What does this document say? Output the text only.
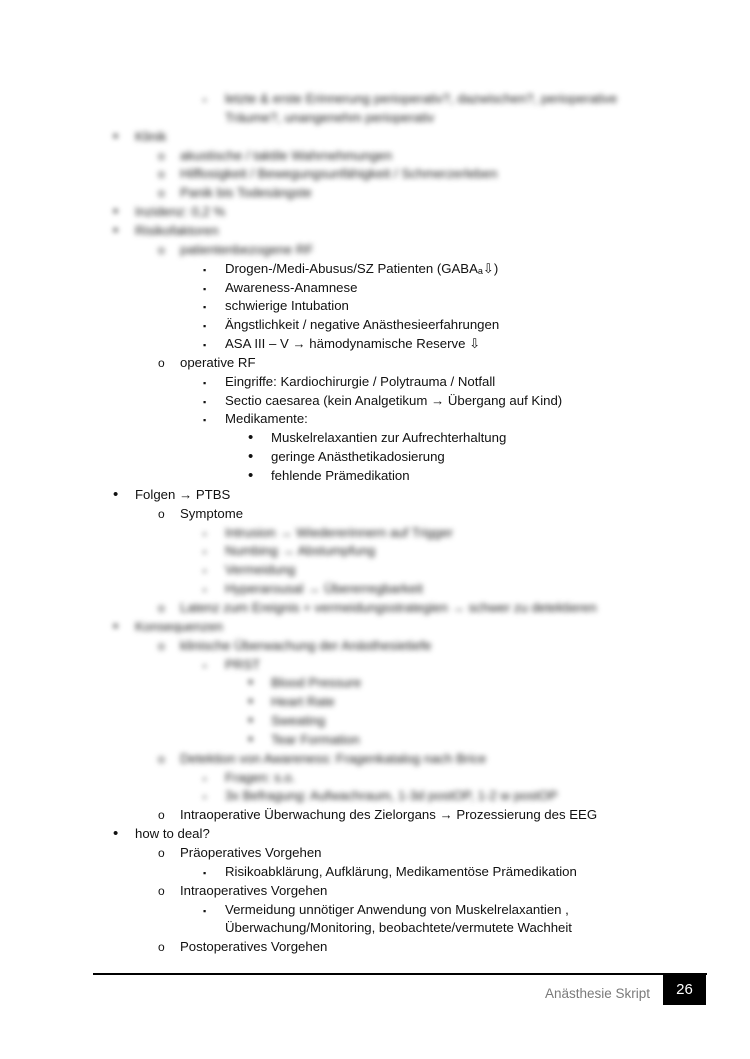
▪ letzte & erste Erinnerung perioperativ?, dazwischen?, perioperative
Träume?, unangenehm perioperativ
• Klinik
o akustische / taktile Wahrnehmungen
o Hilflosigkeit / Bewegungsunfähigkeit / Schmerzerleben
o Panik bis Todesängste
• Inzidenz: 0,2 %
• Risikofaktoren
o patientenbezogene RF
▪ Drogen-/Medi-Abusus/SZ Patienten (GABAₐ⇩)
▪ Awareness-Anamnese
▪ schwierige Intubation
▪ Ängstlichkeit / negative Anästhesieerfahrungen
▪ ASA III – V → hämodynamische Reserve ⇩
o operative RF
▪ Eingriffe: Kardiochirurgie / Polytrauma / Notfall
▪ Sectio caesarea (kein Analgetikum → Übergang auf Kind)
▪ Medikamente:
• Muskelrelaxantien zur Aufrechterhaltung
• geringe Anästhetikadosierung
• fehlende Prämedikation
• Folgen → PTBS
o Symptome
▪ Intrusion → Wiedererinnern auf Trigger
▪ Numbing → Abstumpfung
▪ Vermeidung
▪ Hyperarousal → Übererregbarkeit
o Latenz zum Ereignis + vermeidungsstrategien → schwer zu detektieren
• Konsequenzen
o klinische Überwachung der Anästhesietiefe
▪ PRST
• Blood Pressure
• Heart Rate
• Sweating
• Tear Formation
o Detektion von Awareness: Fragenkatalog nach Brice
▪ Fragen: s.o.
▪ 3x Befragung: Aufwachraum, 1-3d postOP, 1-2 w postOP
o Intraoperative Überwachung des Zielorgans → Prozessierung des EEG
• how to deal?
o Präoperatives Vorgehen
▪ Risikoabklärung, Aufklärung, Medikamentöse Prämedikation
o Intraoperatives Vorgehen
▪ Vermeidung unnötiger Anwendung von Muskelrelaxantien ,
Überwachung/Monitoring, beobachtete/vermutete Wachheit
o Postoperatives Vorgehen
Anästhesie Skript	26
